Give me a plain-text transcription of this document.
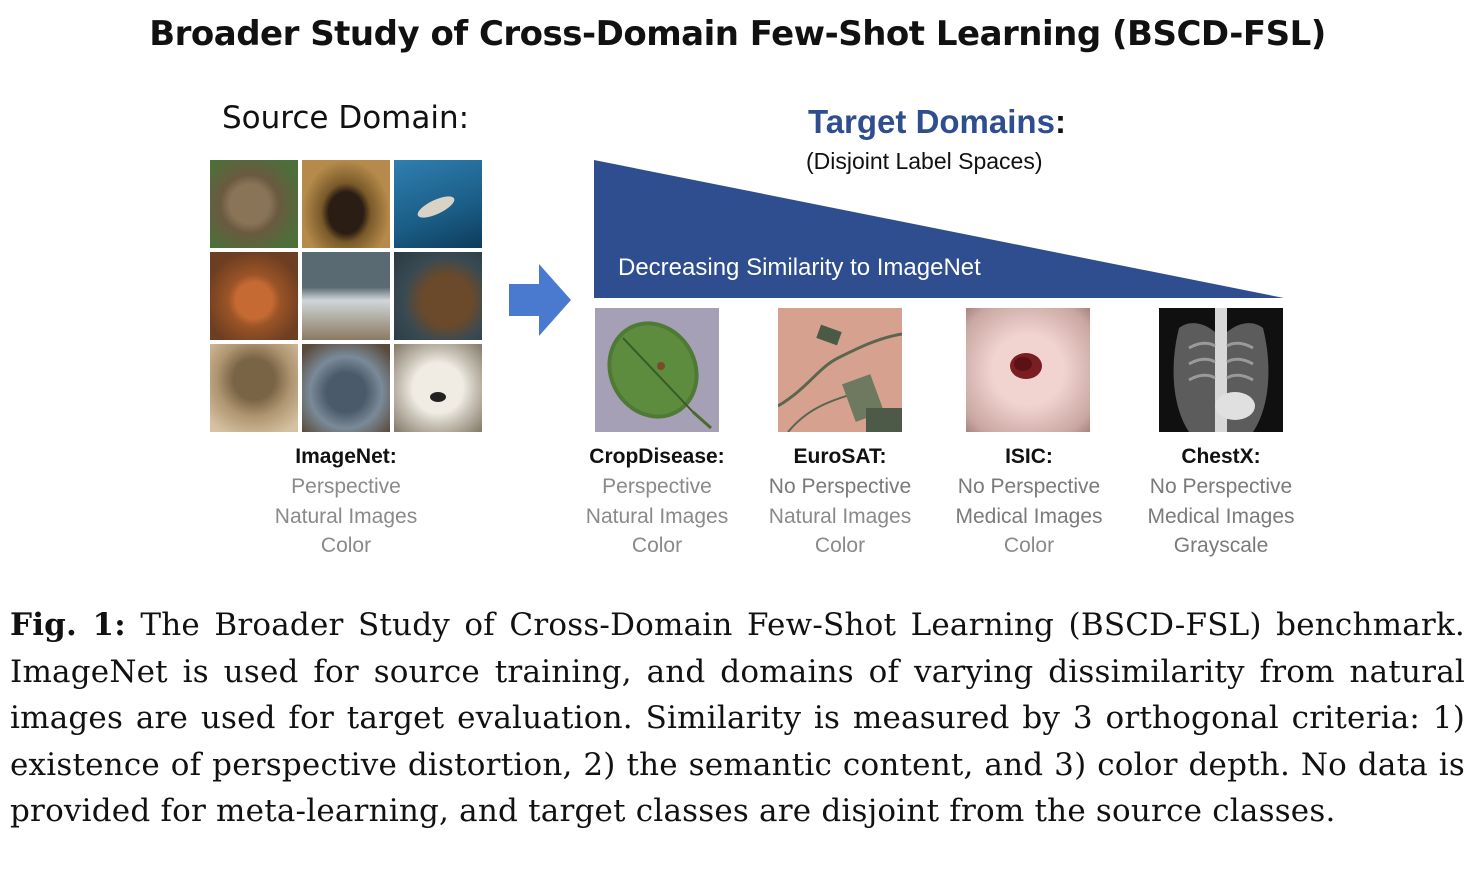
Broader Study of Cross-Domain Few-Shot Learning (BSCD-FSL)
Source Domain:
ImageNet:
Perspective
Natural Images
Color
Target Domains:
(Disjoint Label Spaces)
Decreasing Similarity to ImageNet
CropDisease:
Perspective
Natural Images
Color
EuroSAT:
No Perspective
Natural Images
Color
ISIC:
No Perspective
Medical Images
Color
ChestX:
No Perspective
Medical Images
Grayscale
Fig. 1: The Broader Study of Cross-Domain Few-Shot Learning (BSCD-FSL) benchmark. ImageNet is used for source training, and domains of varying dissimilarity from natural images are used for target evaluation. Similarity is measured by 3 orthogonal criteria: 1) existence of perspective distortion, 2) the semantic content, and 3) color depth. No data is provided for meta-learning, and target classes are disjoint from the source classes.
